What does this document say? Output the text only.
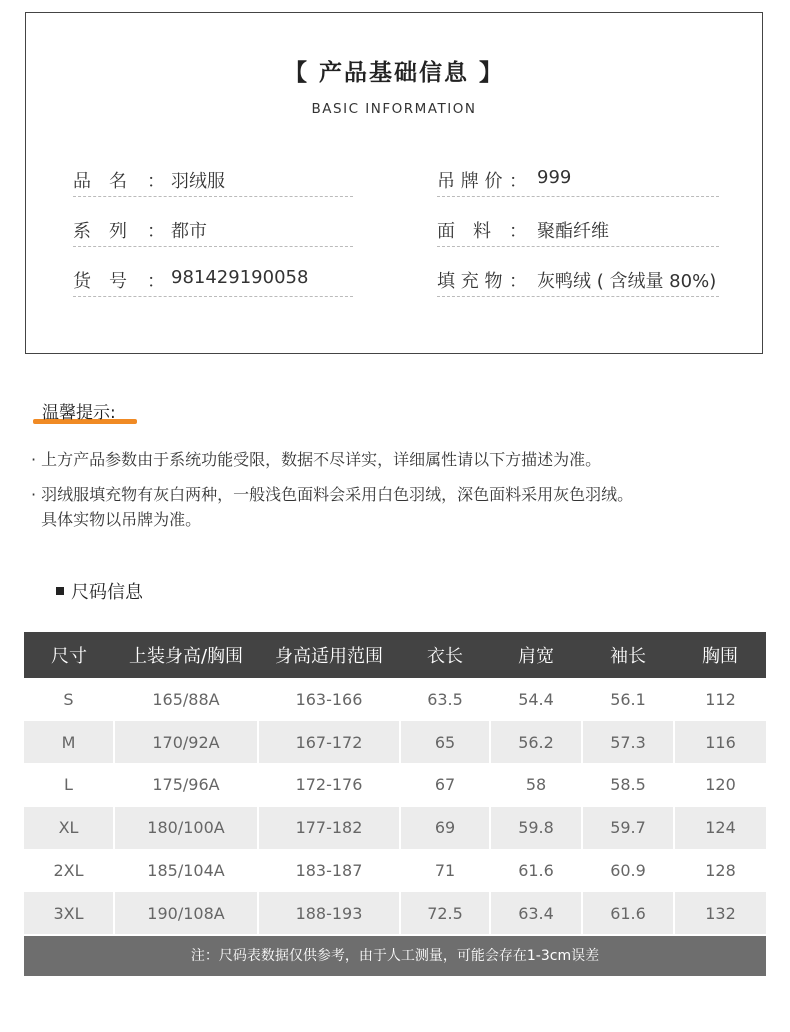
【 产品基础信息 】
BASIC INFORMATION
品　名 ： 羽绒服
系　列 ： 都市
货　号 ： 981429190058
吊 牌 价 ： 999
面　料 ： 聚酯纤维
填 充 物 ： 灰鸭绒 ( 含绒量 80%)
温馨提示:
· 上方产品参数由于系统功能受限，数据不尽详实，详细属性请以下方描述为准。
· 羽绒服填充物有灰白两种，一般浅色面料会采用白色羽绒，深色面料采用灰色羽绒。
具体实物以吊牌为准。
尺码信息
尺寸	上装身高/胸围	身高适用范围	衣长	肩宽	袖长	胸围
S	165/88A	163-166	63.5	54.4	56.1	112
M	170/92A	167-172	65	56.2	57.3	116
L	175/96A	172-176	67	58	58.5	120
XL	180/100A	177-182	69	59.8	59.7	124
2XL	185/104A	183-187	71	61.6	60.9	128
3XL	190/108A	188-193	72.5	63.4	61.6	132
注：尺码表数据仅供参考，由于人工测量，可能会存在1-3cm误差
